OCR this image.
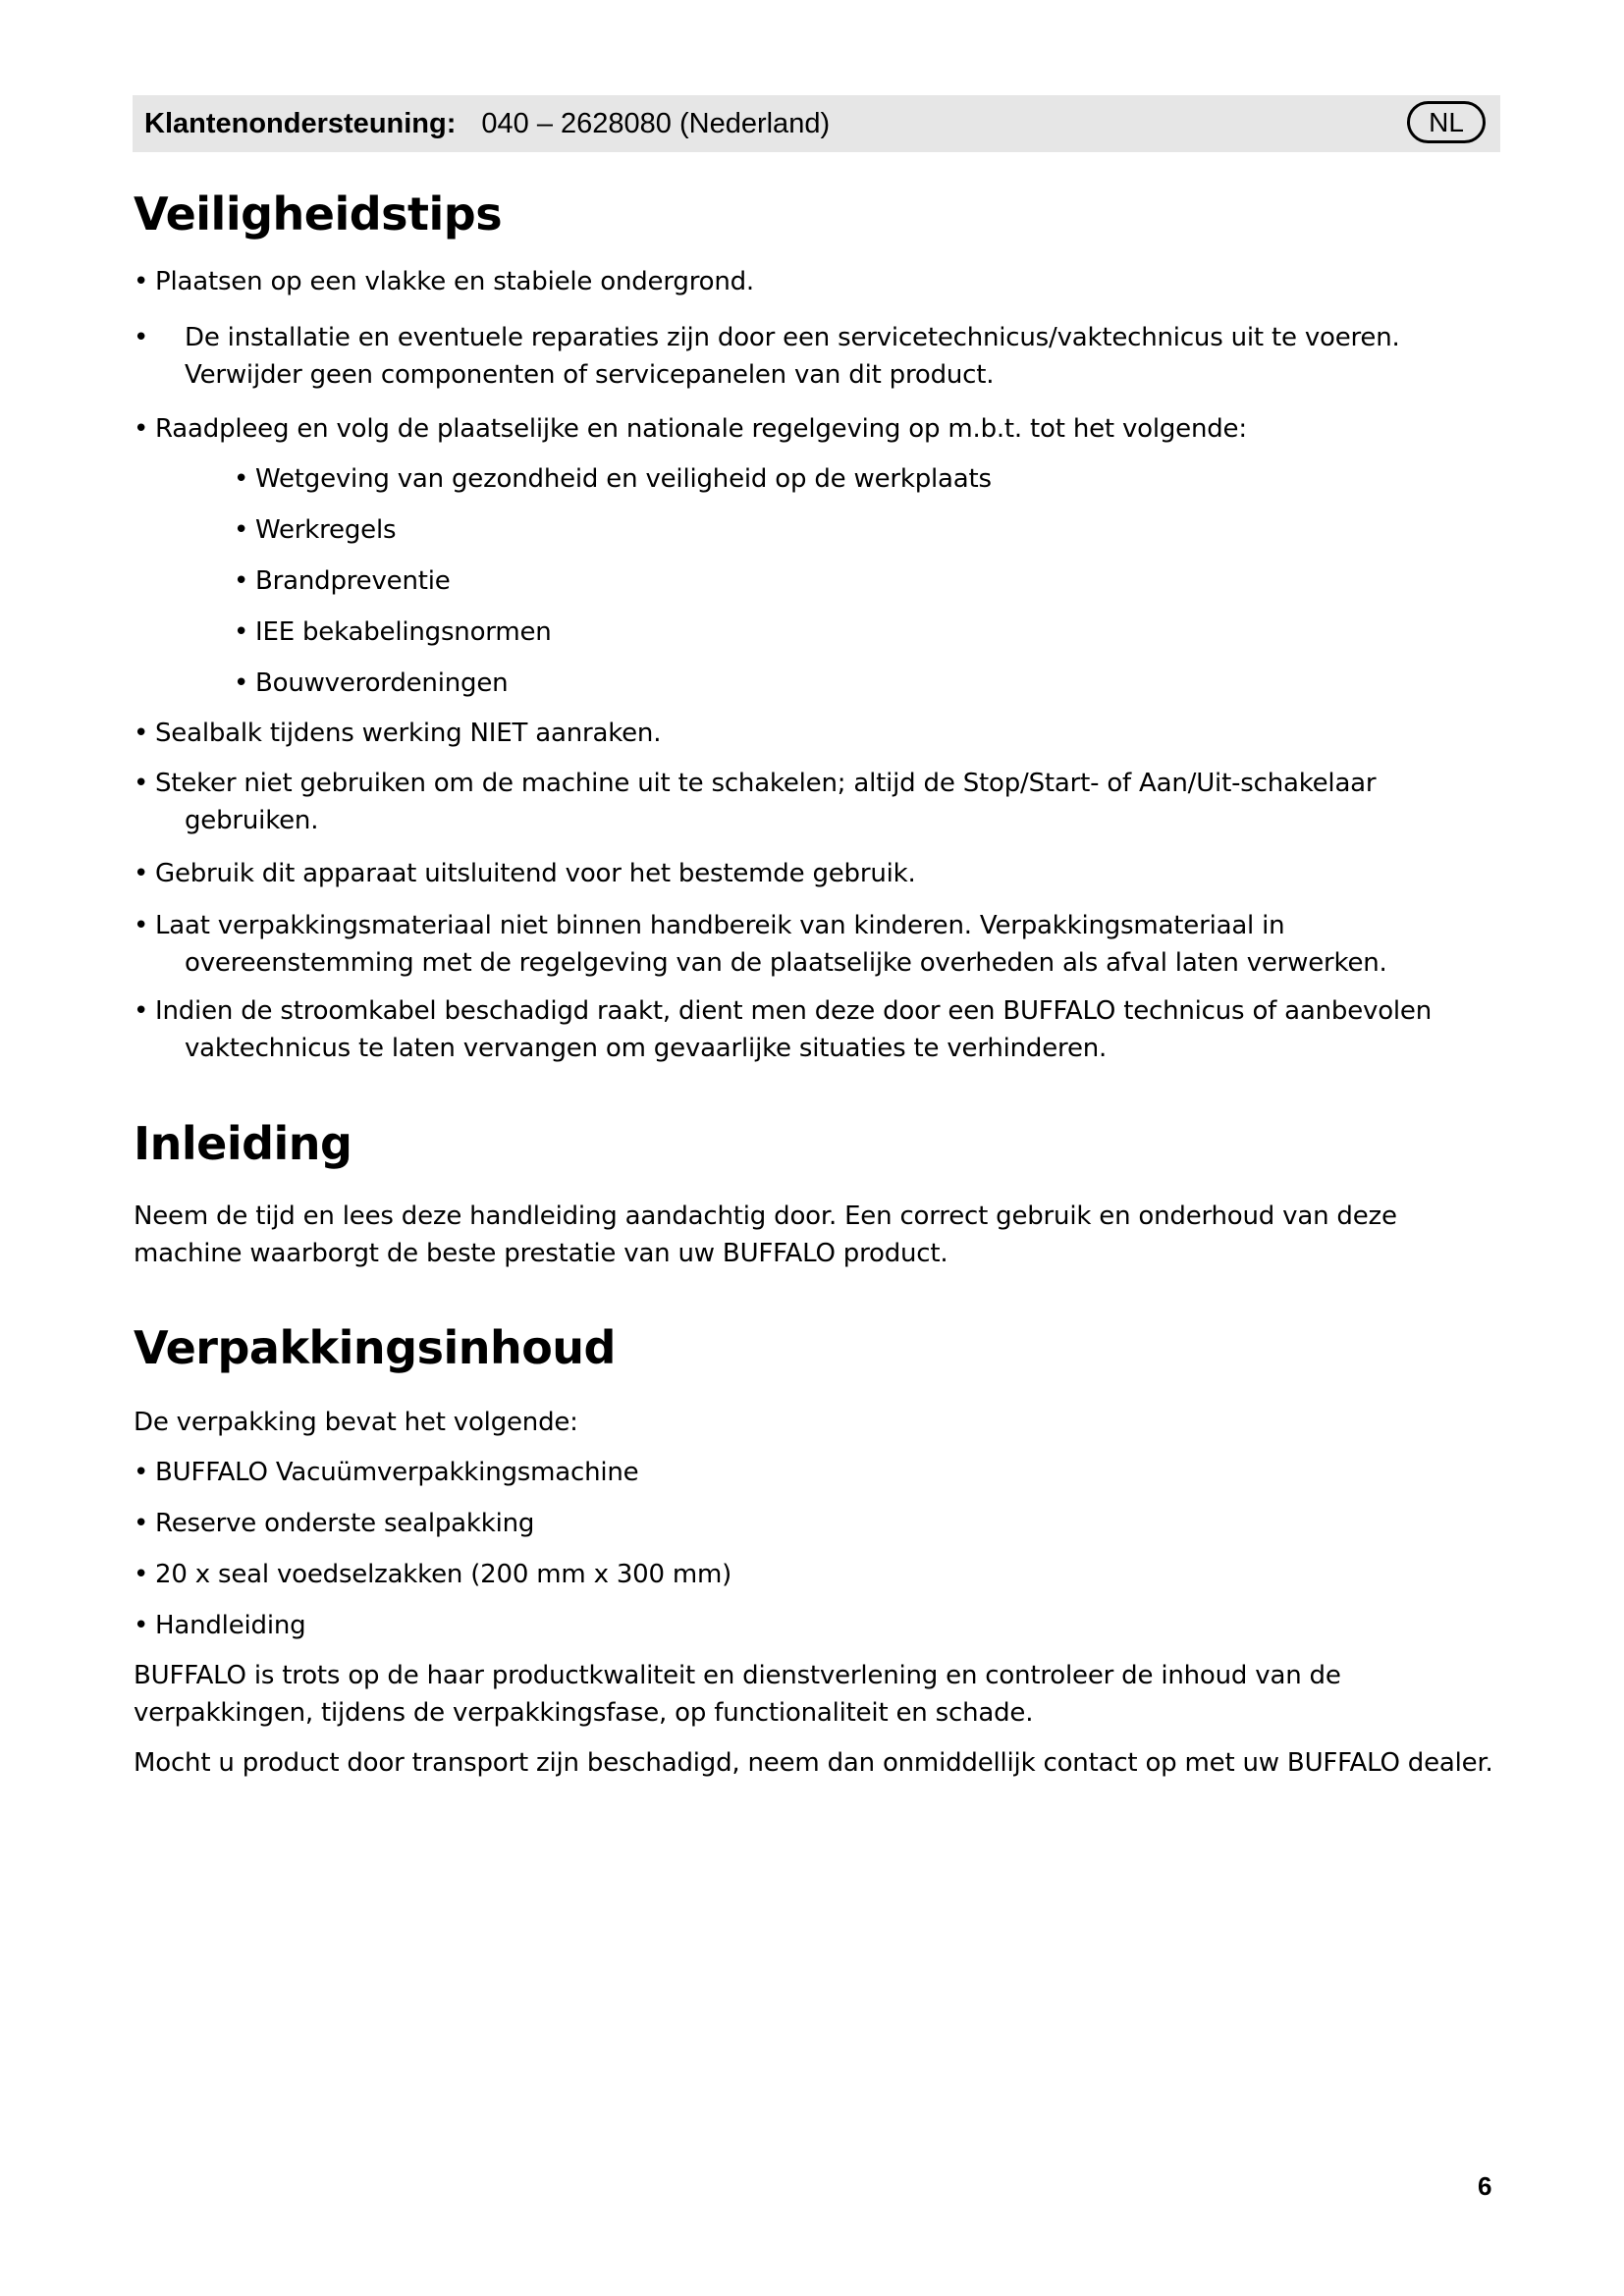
Klantenondersteuning: 040 – 2628080 (Nederland)	NL
Veiligheidstips
• Plaatsen op een vlakke en stabiele ondergrond.
• De installatie en eventuele reparaties zijn door een servicetechnicus/vaktechnicus uit te voeren.
Verwijder geen componenten of servicepanelen van dit product.
• Raadpleeg en volg de plaatselijke en nationale regelgeving op m.b.t. tot het volgende:
• Wetgeving van gezondheid en veiligheid op de werkplaats
• Werkregels
• Brandpreventie
• IEE bekabelingsnormen
• Bouwverordeningen
• Sealbalk tijdens werking NIET aanraken.
• Steker niet gebruiken om de machine uit te schakelen; altijd de Stop/Start- of Aan/Uit-schakelaar
gebruiken.
• Gebruik dit apparaat uitsluitend voor het bestemde gebruik.
• Laat verpakkingsmateriaal niet binnen handbereik van kinderen. Verpakkingsmateriaal in
overeenstemming met de regelgeving van de plaatselijke overheden als afval laten verwerken.
• Indien de stroomkabel beschadigd raakt, dient men deze door een BUFFALO technicus of aanbevolen
vaktechnicus te laten vervangen om gevaarlijke situaties te verhinderen.
Inleiding
Neem de tijd en lees deze handleiding aandachtig door. Een correct gebruik en onderhoud van deze
machine waarborgt de beste prestatie van uw BUFFALO product.
Verpakkingsinhoud
De verpakking bevat het volgende:
• BUFFALO Vacuümverpakkingsmachine
• Reserve onderste sealpakking
• 20 x seal voedselzakken (200 mm x 300 mm)
• Handleiding
BUFFALO is trots op de haar productkwaliteit en dienstverlening en controleer de inhoud van de
verpakkingen, tijdens de verpakkingsfase, op functionaliteit en schade.
Mocht u product door transport zijn beschadigd, neem dan onmiddellijk contact op met uw BUFFALO dealer.
6
